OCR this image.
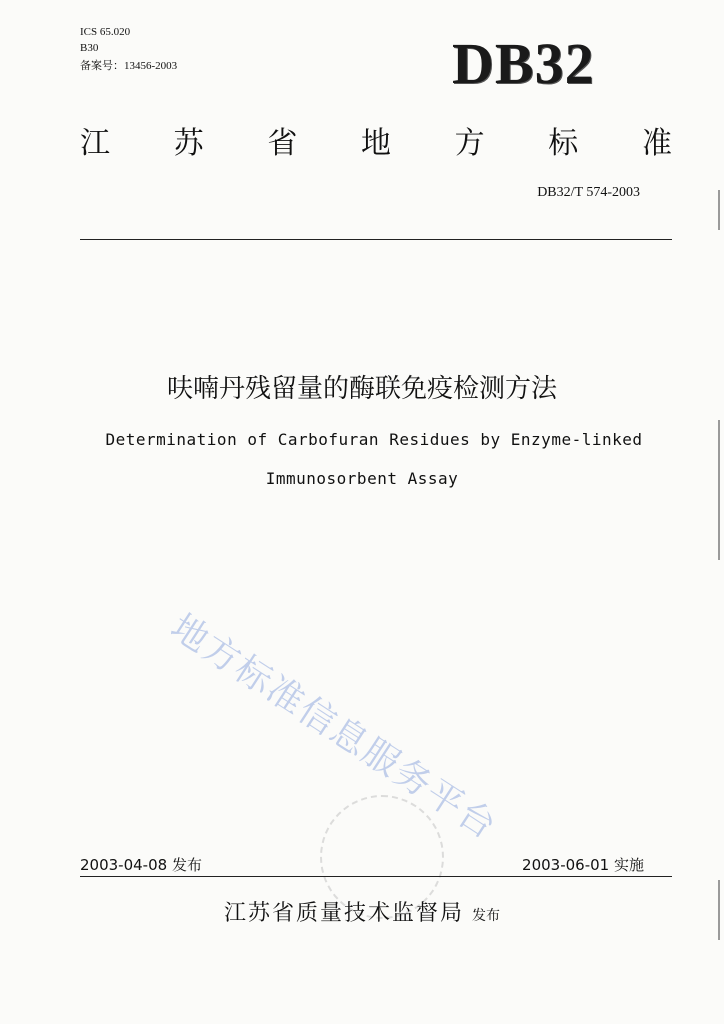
ICS 65.020
B30
备案号：13456-2003	DB32
江 苏 省 地 方 标 准
DB32/T 574-2003
呋喃丹残留量的酶联免疫检测方法
Determination of Carbofuran Residues by Enzyme-linked
Immunosorbent Assay
地方标准信息服务平台
2003-04-08 发布	2003-06-01 实施
江苏省质量技术监督局 发布
